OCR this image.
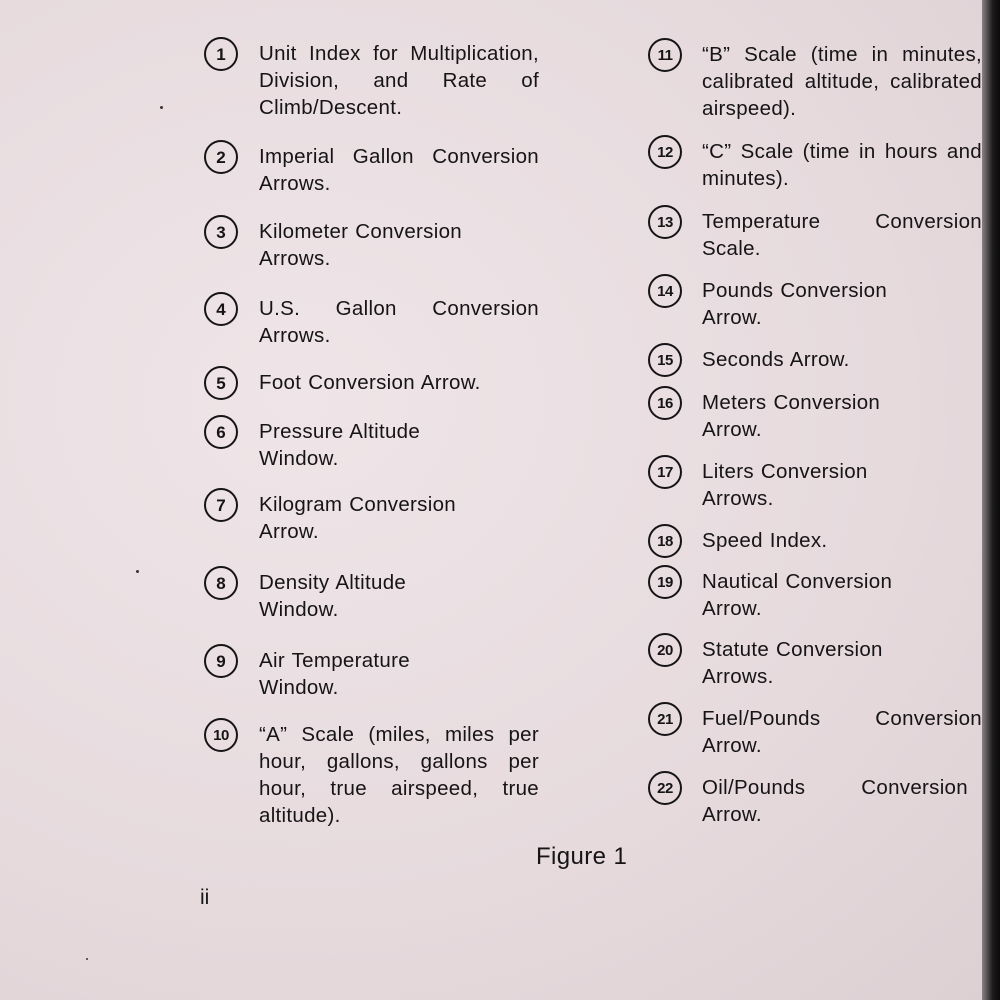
1	Unit Index for Multiplication, Division, and Rate of Climb/Descent.
2	Imperial Gallon Conversion Arrows.
3	Kilometer Conversion Arrows.
4	U.S. Gallon Conversion Arrows.
5	Foot Conversion Arrow.
6	Pressure Altitude Window.
7	Kilogram Conversion Arrow.
8	Density Altitude Window.
9	Air Temperature Window.
10	“A” Scale (miles, miles per hour, gallons, gallons per hour, true airspeed, true altitude).
11	“B” Scale (time in minutes, calibrated altitude, calibrated airspeed).
12	“C” Scale (time in hours and minutes).
13	Temperature Conversion Scale.
14	Pounds Conversion Arrow.
15	Seconds Arrow.
16	Meters Conversion Arrow.
17	Liters Conversion Arrows.
18	Speed Index.
19	Nautical Conversion Arrow.
20	Statute Conversion Arrows.
21	Fuel/Pounds Conversion Arrow.
22	Oil/Pounds Conversion Arrow.
Figure 1
ii
